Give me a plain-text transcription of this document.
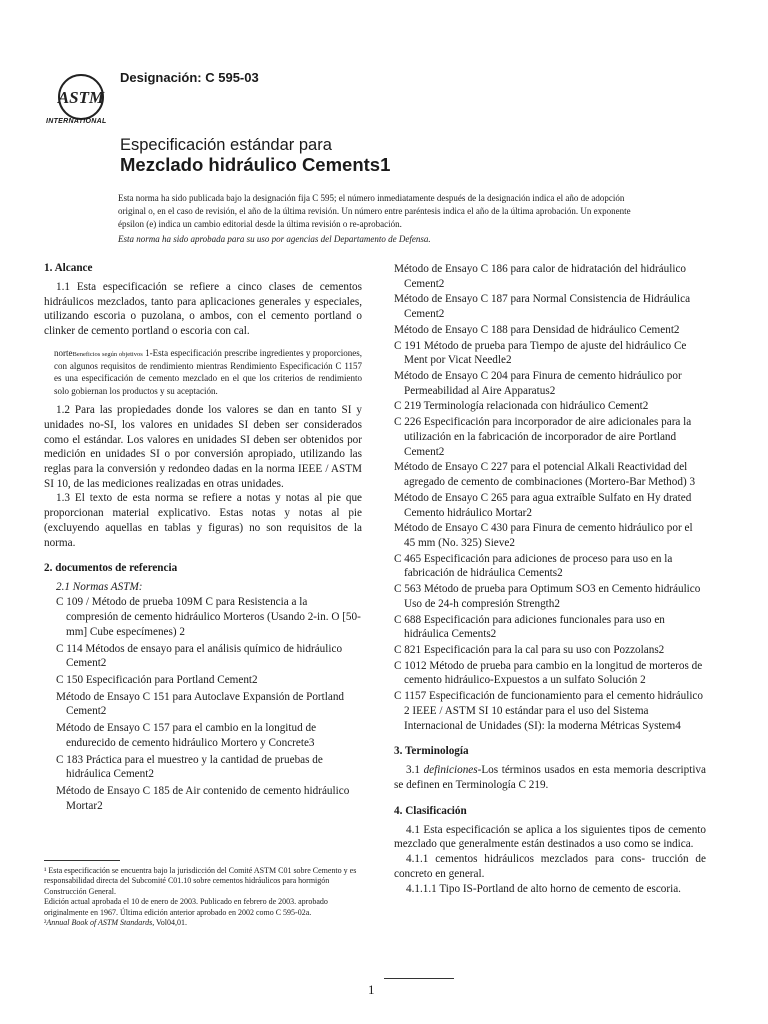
ASTM
INTERNATIONAL
Designación: C 595-03
Especificación estándar para
Mezclado hidráulico Cements1

Esta norma ha sido publicada bajo la designación fija C 595; el número inmediatamente después de la designación indica el año de adopción original o, en el caso de revisión, el año de la última revisión. Un número entre paréntesis indica el año de la última aprobación. Un exponente épsilon (e) indica un cambio editorial desde la última revisión o re-aprobación.

Esta norma ha sido aprobada para su uso por agencias del Departamento de Defensa.

1. Alcance

1.1 Esta especificación se refiere a cinco clases de cementos hidráulicos mezclados, tanto para aplicaciones generales y especiales, utilizando escoria o puzolana, o ambos, con el cemento portland o clinker de cemento portland o escoria con cal.

norteBeneficios según objetivos 1-Esta especificación prescribe ingredientes y proporciones, con algunos requisitos de rendimiento mientras Rendimiento Especificación C 1157 es una especificación de cemento mezclado en el que los criterios de rendimiento solo gobiernan los productos y su aceptación.

1.2 Para las propiedades donde los valores se dan en tanto SI y unidades no-SI, los valores en unidades SI deben ser considerados como el estándar. Los valores en unidades SI deben ser obtenidos por medición en unidades SI o por conversión apropiado, utilizando las reglas para la conversión y redondeo dadas en la norma IEEE / ASTM SI 10, de las mediciones realizadas en otras unidades.

1.3 El texto de esta norma se refiere a notas y notas al pie que proporcionan material explicativo. Estas notas y notas al pie (excluyendo aquellas en tablas y figuras) no son requisitos de la norma.

2. documentos de referencia

2.1 Normas ASTM:

C 109 / Método de prueba 109M C para Resistencia a la compresión de cemento hidráulico Morteros (Usando 2-in. O [50-mm] Cube especímenes) 2

C 114 Métodos de ensayo para el análisis químico de hidráulico Cement2

C 150 Especificación para Portland Cement2

Método de Ensayo C 151 para Autoclave Expansión de Portland Cement2

Método de Ensayo C 157 para el cambio en la longitud de endurecido de cemento hidráulico Mortero y Concrete3

C 183 Práctica para el muestreo y la cantidad de pruebas de hidráulica Cement2

Método de Ensayo C 185 de Air contenido de cemento hidráulico Mortar2

¹ Esta especificación se encuentra bajo la jurisdicción del Comité ASTM C01 sobre Cemento y es responsabilidad directa del Subcomité C01.10 sobre cementos hidráulicos para hormigón Construcción General.

Edición actual aprobada el 10 de enero de 2003. Publicado en febrero de 2003. aprobado originalmente en 1967. Última edición anterior aprobado en 2002 como C 595-02a.

²Annual Book of ASTM Standards, Vol04,01.

Método de Ensayo C 186 para calor de hidratación del hidráulico Cement2

Método de Ensayo C 187 para Normal Consistencia de Hidráulica Cement2

Método de Ensayo C 188 para Densidad de hidráulico Cement2

C 191 Método de prueba para Tiempo de ajuste del hidráulico Ce Ment por Vicat Needle2

Método de Ensayo C 204 para Finura de cemento hidráulico por Permeabilidad al Aire Apparatus2

C 219 Terminología relacionada con hidráulico Cement2

C 226 Especificación para incorporador de aire adicionales para la utilización en la fabricación de incorporador de aire Portland Cement2

Método de Ensayo C 227 para el potencial Alkali Reactividad del agregado de cemento de combinaciones (Mortero-Bar Method) 3

Método de Ensayo C 265 para agua extraíble Sulfato en Hy drated Cemento hidráulico Mortar2

Método de Ensayo C 430 para Finura de cemento hidráulico por el 45 mm (No. 325) Sieve2

C 465 Especificación para adiciones de proceso para uso en la fabricación de hidráulica Cements2

C 563 Método de prueba para Optimum SO3 en Cemento hidráulico Uso de 24-h compresión Strength2

C 688 Especificación para adiciones funcionales para uso en hidráulica Cements2

C 821 Especificación para la cal para su uso con Pozzolans2

C 1012 Método de prueba para cambio en la longitud de morteros de cemento hidráulico-Expuestos a un sulfato Solución 2

C 1157 Especificación de funcionamiento para el cemento hidráulico 2 IEEE / ASTM SI 10 estándar para el uso del Sistema Internacional de Unidades (SI): la moderna Métricas System4

3. Terminología

3.1 definiciones-Los términos usados en esta memoria descriptiva se definen en Terminología C 219.

4. Clasificación

4.1 Esta especificación se aplica a los siguientes tipos de cemento mezclado que generalmente están destinados a uso como se indica.

4.1.1 cementos hidráulicos mezclados para cons- trucción de concreto en general.

4.1.1.1 Tipo IS-Portland de alto horno de cemento de escoria.

1
